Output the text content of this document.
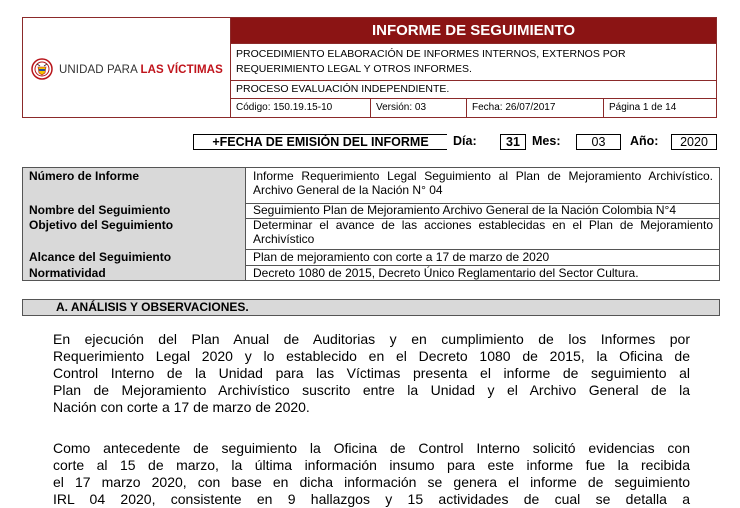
UNIDAD PARA LAS VÍCTIMAS
INFORME DE SEGUIMIENTO
PROCEDIMIENTO ELABORACIÓN DE INFORMES INTERNOS, EXTERNOS POR
REQUERIMIENTO LEGAL Y OTROS INFORMES.
PROCESO EVALUACIÓN INDEPENDIENTE.
Código: 150.19.15-10	Versión: 03	Fecha: 26/07/2017	Página 1 de 14
+FECHA DE EMISIÓN DEL INFORME	Día:	31 Mes:	03	Año:	2020
Número de Informe	Informe Requerimiento Legal Seguimiento al Plan de Mejoramiento Archivístico. Archivo General de la Nación N° 04
Nombre del Seguimiento	Seguimiento Plan de Mejoramiento Archivo General de la Nación Colombia N°4
Objetivo del Seguimiento	Determinar el avance de las acciones establecidas en el Plan de Mejoramiento Archivístico
Alcance del Seguimiento	Plan de mejoramiento con corte a 17 de marzo de 2020
Normatividad	Decreto 1080 de 2015, Decreto Único Reglamentario del Sector Cultura.
A. ANÁLISIS Y OBSERVACIONES.
En ejecución del Plan Anual de Auditorias y en cumplimiento de los Informes por
Requerimiento Legal 2020 y lo establecido en el Decreto 1080 de 2015, la Oficina de
Control Interno de la Unidad para las Víctimas presenta el informe de seguimiento al
Plan de Mejoramiento Archivístico suscrito entre la Unidad y el Archivo General de la
Nación con corte a 17 de marzo de 2020.
Como antecedente de seguimiento la Oficina de Control Interno solicitó evidencias con
corte al 15 de marzo, la última información insumo para este informe fue la recibida
el 17 marzo 2020, con base en dicha información se genera el informe de seguimiento
IRL 04 2020, consistente en 9 hallazgos y 15 actividades de cual se detalla a
